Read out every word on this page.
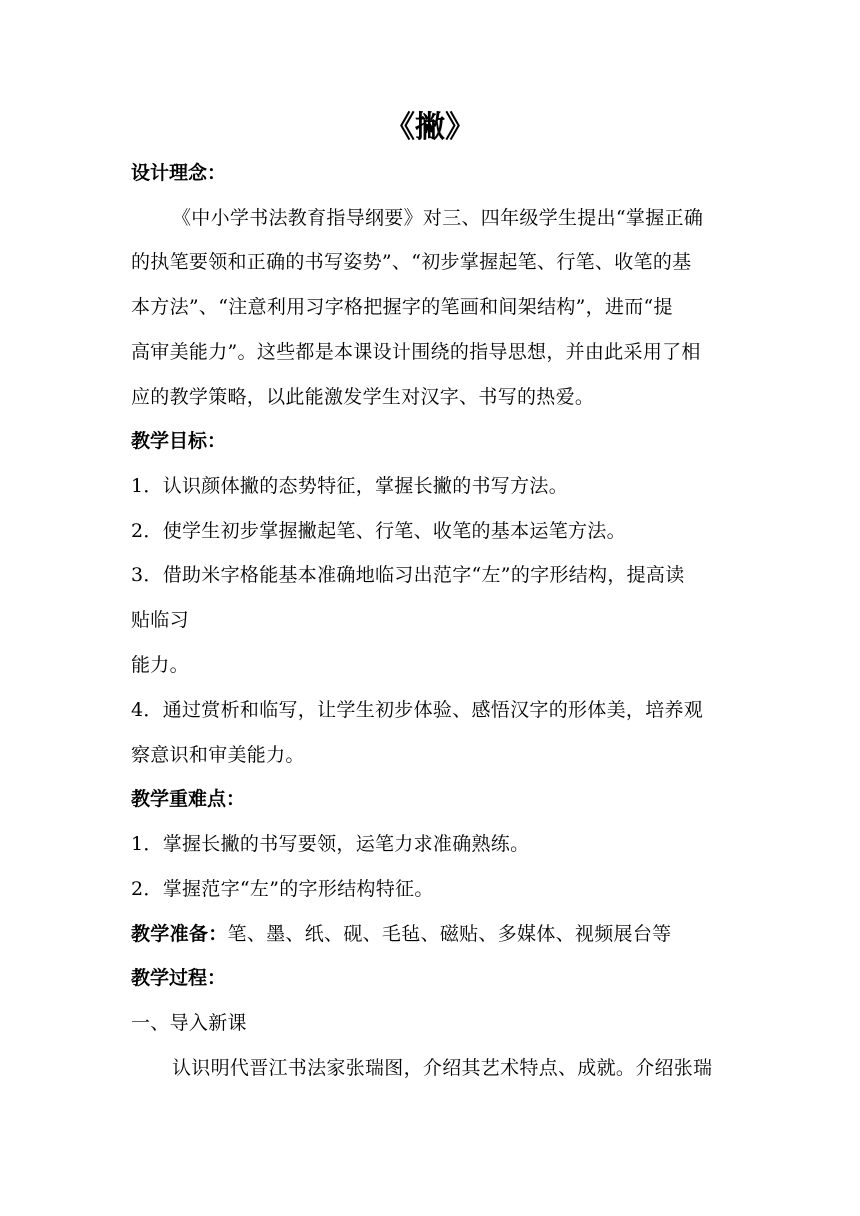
《撇》
设计理念：
《中小学书法教育指导纲要》对三、四年级学生提出“掌握正确
的执笔要领和正确的书写姿势”、“初步掌握起笔、行笔、收笔的基
本方法”、“注意利用习字格把握字的笔画和间架结构”，进而“提
高审美能力”。这些都是本课设计围绕的指导思想，并由此采用了相
应的教学策略，以此能激发学生对汉字、书写的热爱。
教学目标：
1．认识颜体撇的态势特征，掌握长撇的书写方法。
2．使学生初步掌握撇起笔、行笔、收笔的基本运笔方法。
3．借助米字格能基本准确地临习出范字“左”的字形结构，提高读
贴临习
能力。
4．通过赏析和临写，让学生初步体验、感悟汉字的形体美，培养观
察意识和审美能力。
教学重难点：
1．掌握长撇的书写要领，运笔力求准确熟练。
2．掌握范字“左”的字形结构特征。
教学准备：笔、墨、纸、砚、毛毡、磁贴、多媒体、视频展台等
教学过程：
一、导入新课
认识明代晋江书法家张瑞图，介绍其艺术特点、成就。介绍张瑞
